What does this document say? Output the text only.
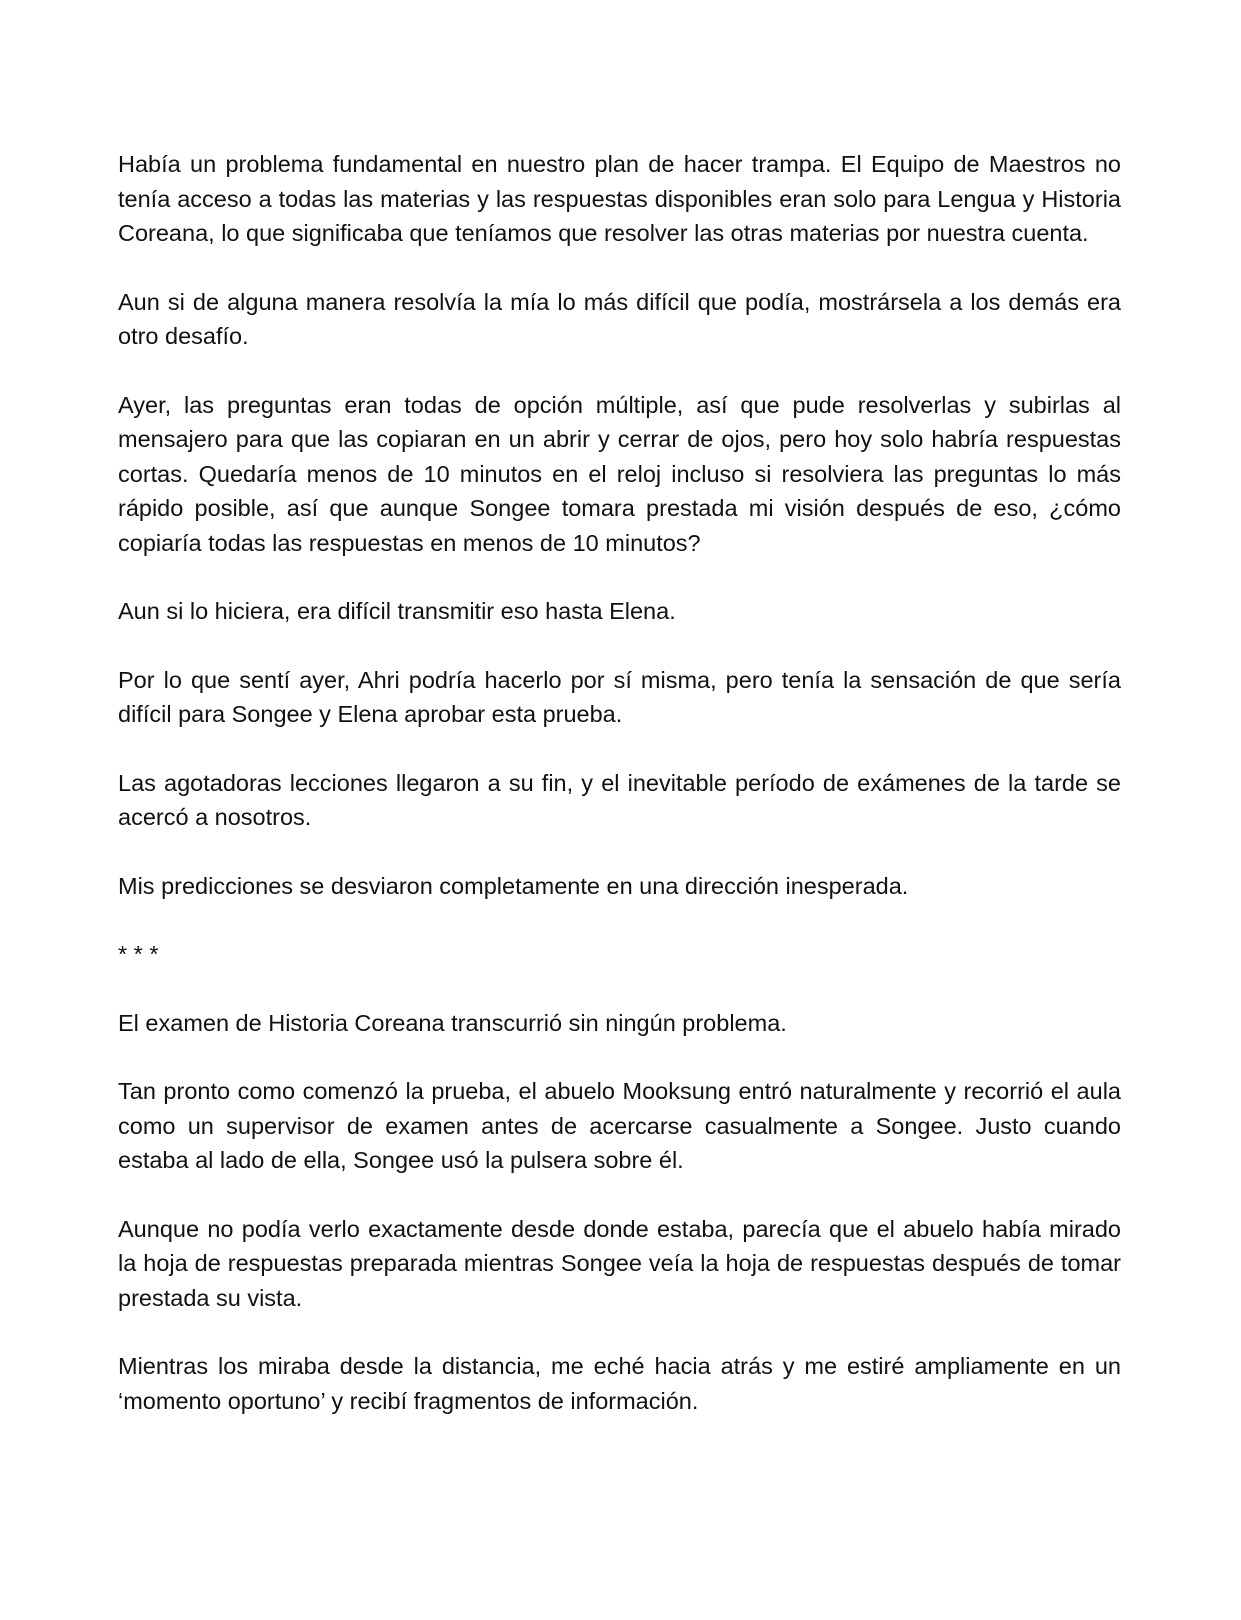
Había un problema fundamental en nuestro plan de hacer trampa. El Equipo de Maestros no tenía acceso a todas las materias y las respuestas disponibles eran solo para Lengua y Historia Coreana, lo que significaba que teníamos que resolver las otras materias por nuestra cuenta.

Aun si de alguna manera resolvía la mía lo más difícil que podía, mostrársela a los demás era otro desafío.

Ayer, las preguntas eran todas de opción múltiple, así que pude resolverlas y subirlas al mensajero para que las copiaran en un abrir y cerrar de ojos, pero hoy solo habría respuestas cortas. Quedaría menos de 10 minutos en el reloj incluso si resolviera las preguntas lo más rápido posible, así que aunque Songee tomara prestada mi visión después de eso, ¿cómo copiaría todas las respuestas en menos de 10 minutos?

Aun si lo hiciera, era difícil transmitir eso hasta Elena.

Por lo que sentí ayer, Ahri podría hacerlo por sí misma, pero tenía la sensación de que sería difícil para Songee y Elena aprobar esta prueba.

Las agotadoras lecciones llegaron a su fin, y el inevitable período de exámenes de la tarde se acercó a nosotros.

Mis predicciones se desviaron completamente en una dirección inesperada.

* * *

El examen de Historia Coreana transcurrió sin ningún problema.

Tan pronto como comenzó la prueba, el abuelo Mooksung entró naturalmente y recorrió el aula como un supervisor de examen antes de acercarse casualmente a Songee. Justo cuando estaba al lado de ella, Songee usó la pulsera sobre él.

Aunque no podía verlo exactamente desde donde estaba, parecía que el abuelo había mirado la hoja de respuestas preparada mientras Songee veía la hoja de respuestas después de tomar prestada su vista.

Mientras los miraba desde la distancia, me eché hacia atrás y me estiré ampliamente en un ‘momento oportuno’ y recibí fragmentos de información.
